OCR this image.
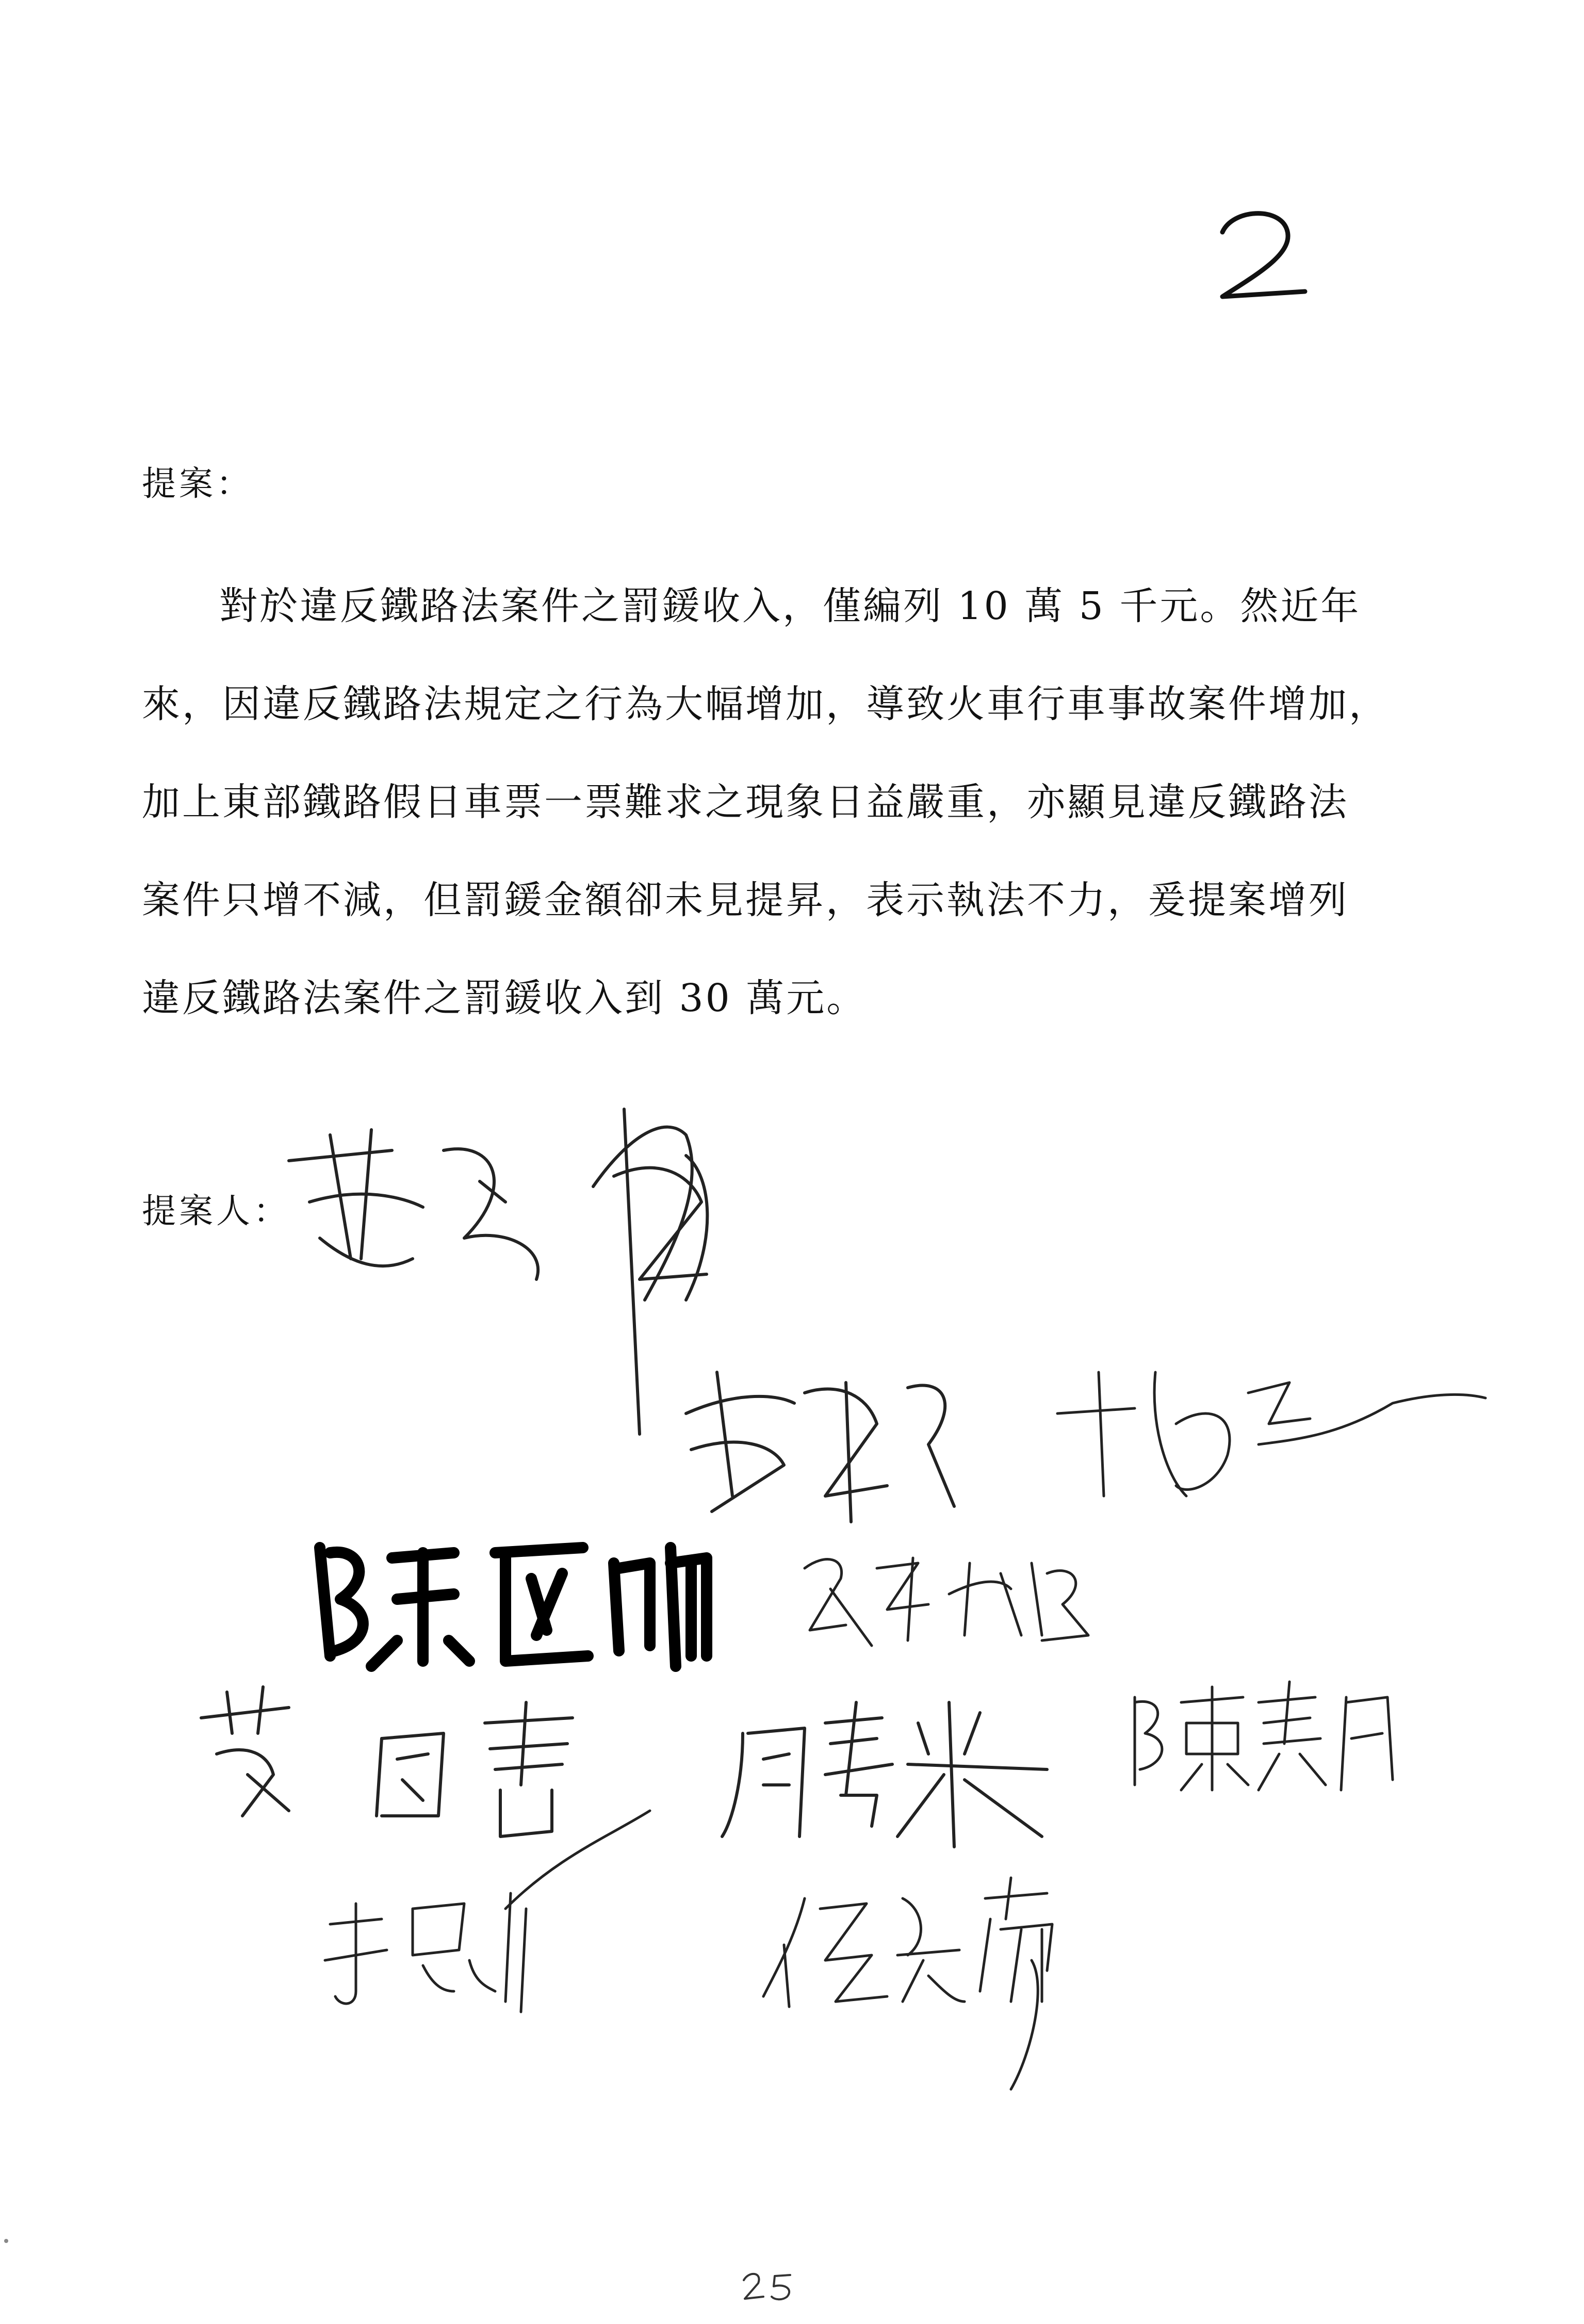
提案：
對於違反鐵路法案件之罰鍰收入，僅編列 10 萬 5 千元。然近年
來，因違反鐵路法規定之行為大幅增加，導致火車行車事故案件增加，
加上東部鐵路假日車票一票難求之現象日益嚴重，亦顯見違反鐵路法
案件只增不減，但罰鍰金額卻未見提昇，表示執法不力，爰提案增列
違反鐵路法案件之罰鍰收入到 30 萬元。
提案人：
